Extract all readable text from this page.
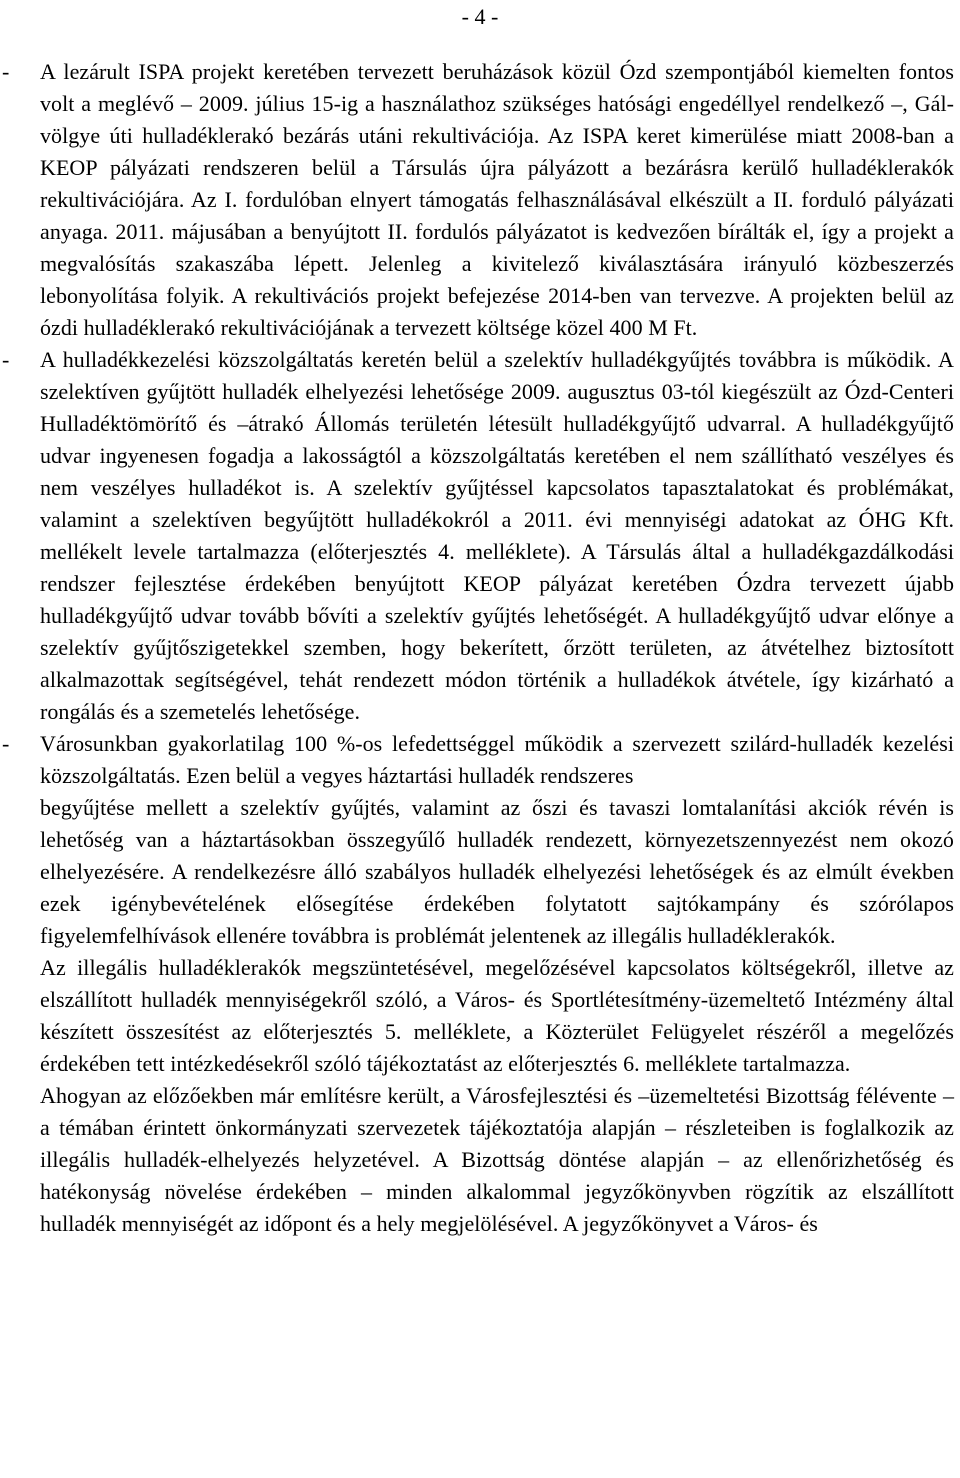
- 4 -
-	A lezárult ISPA projekt keretében tervezett beruházások közül Ózd szempontjából kiemelten fontos volt a meglévő – 2009. július 15-ig a használathoz szükséges hatósági engedéllyel rendelkező –, Gál-völgye úti hulladéklerakó bezárás utáni rekultivációja. Az ISPA keret kimerülése miatt 2008-ban a KEOP pályázati rendszeren belül a Társulás újra pályázott a bezárásra kerülő hulladéklerakók rekultivációjára. Az I. fordulóban elnyert támogatás felhasználásával elkészült a II. forduló pályázati anyaga. 2011. májusában a benyújtott II. fordulós pályázatot is kedvezően bírálták el, így a projekt a megvalósítás szakaszába lépett. Jelenleg a kivitelező kiválasztására irányuló közbeszerzés lebonyolítása folyik. A rekultivációs projekt befejezése 2014-ben van tervezve. A projekten belül az ózdi hulladéklerakó rekultivációjának a tervezett költsége közel 400 M Ft.

-	A hulladékkezelési közszolgáltatás keretén belül a szelektív hulladékgyűjtés továbbra is működik. A szelektíven gyűjtött hulladék elhelyezési lehetősége 2009. augusztus 03-tól kiegészült az Ózd-Centeri Hulladéktömörítő és –átrakó Állomás területén létesült hulladékgyűjtő udvarral. A hulladékgyűjtő udvar ingyenesen fogadja a lakosságtól a közszolgáltatás keretében el nem szállítható veszélyes és nem veszélyes hulladékot is. A szelektív gyűjtéssel kapcsolatos tapasztalatokat és problémákat, valamint a szelektíven begyűjtött hulladékokról a 2011. évi mennyiségi adatokat az ÓHG Kft. mellékelt levele tartalmazza (előterjesztés 4. melléklete). A Társulás által a hulladékgazdálkodási rendszer fejlesztése érdekében benyújtott KEOP pályázat keretében Ózdra tervezett újabb hulladékgyűjtő udvar tovább bővíti a szelektív gyűjtés lehetőségét. A hulladékgyűjtő udvar előnye a szelektív gyűjtőszigetekkel szemben, hogy bekerített, őrzött területen, az átvételhez biztosított alkalmazottak segítségével, tehát rendezett módon történik a hulladékok átvétele, így kizárható a rongálás és a szemetelés lehetősége.

-	Városunkban gyakorlatilag 100 %-os lefedettséggel működik a szervezett szilárd-hulladék kezelési közszolgáltatás. Ezen belül a vegyes háztartási hulladék rendszeres

begyűjtése mellett a szelektív gyűjtés, valamint az őszi és tavaszi lomtalanítási akciók révén is lehetőség van a háztartásokban összegyűlő hulladék rendezett, környezetszennyezést nem okozó elhelyezésére. A rendelkezésre álló szabályos hulladék elhelyezési lehetőségek és az elmúlt években ezek igénybevételének elősegítése érdekében folytatott sajtókampány és szórólapos figyelemfelhívások ellenére továbbra is problémát jelentenek az illegális hulladéklerakók.

Az illegális hulladéklerakók megszüntetésével, megelőzésével kapcsolatos költségekről, illetve az elszállított hulladék mennyiségekről szóló, a Város- és Sportlétesítmény-üzemeltető Intézmény által készített összesítést az előterjesztés 5. melléklete, a Közterület Felügyelet részéről a megelőzés érdekében tett intézkedésekről szóló tájékoztatást az előterjesztés 6. melléklete tartalmazza.

Ahogyan az előzőekben már említésre került, a Városfejlesztési és –üzemeltetési Bizottság félévente – a témában érintett önkormányzati szervezetek tájékoztatója alapján – részleteiben is foglalkozik az illegális hulladék-elhelyezés helyzetével. A Bizottság döntése alapján – az ellenőrizhetőség és hatékonyság növelése érdekében – minden alkalommal jegyzőkönyvben rögzítik az elszállított hulladék mennyiségét az időpont és a hely megjelölésével. A jegyzőkönyvet a Város- és
